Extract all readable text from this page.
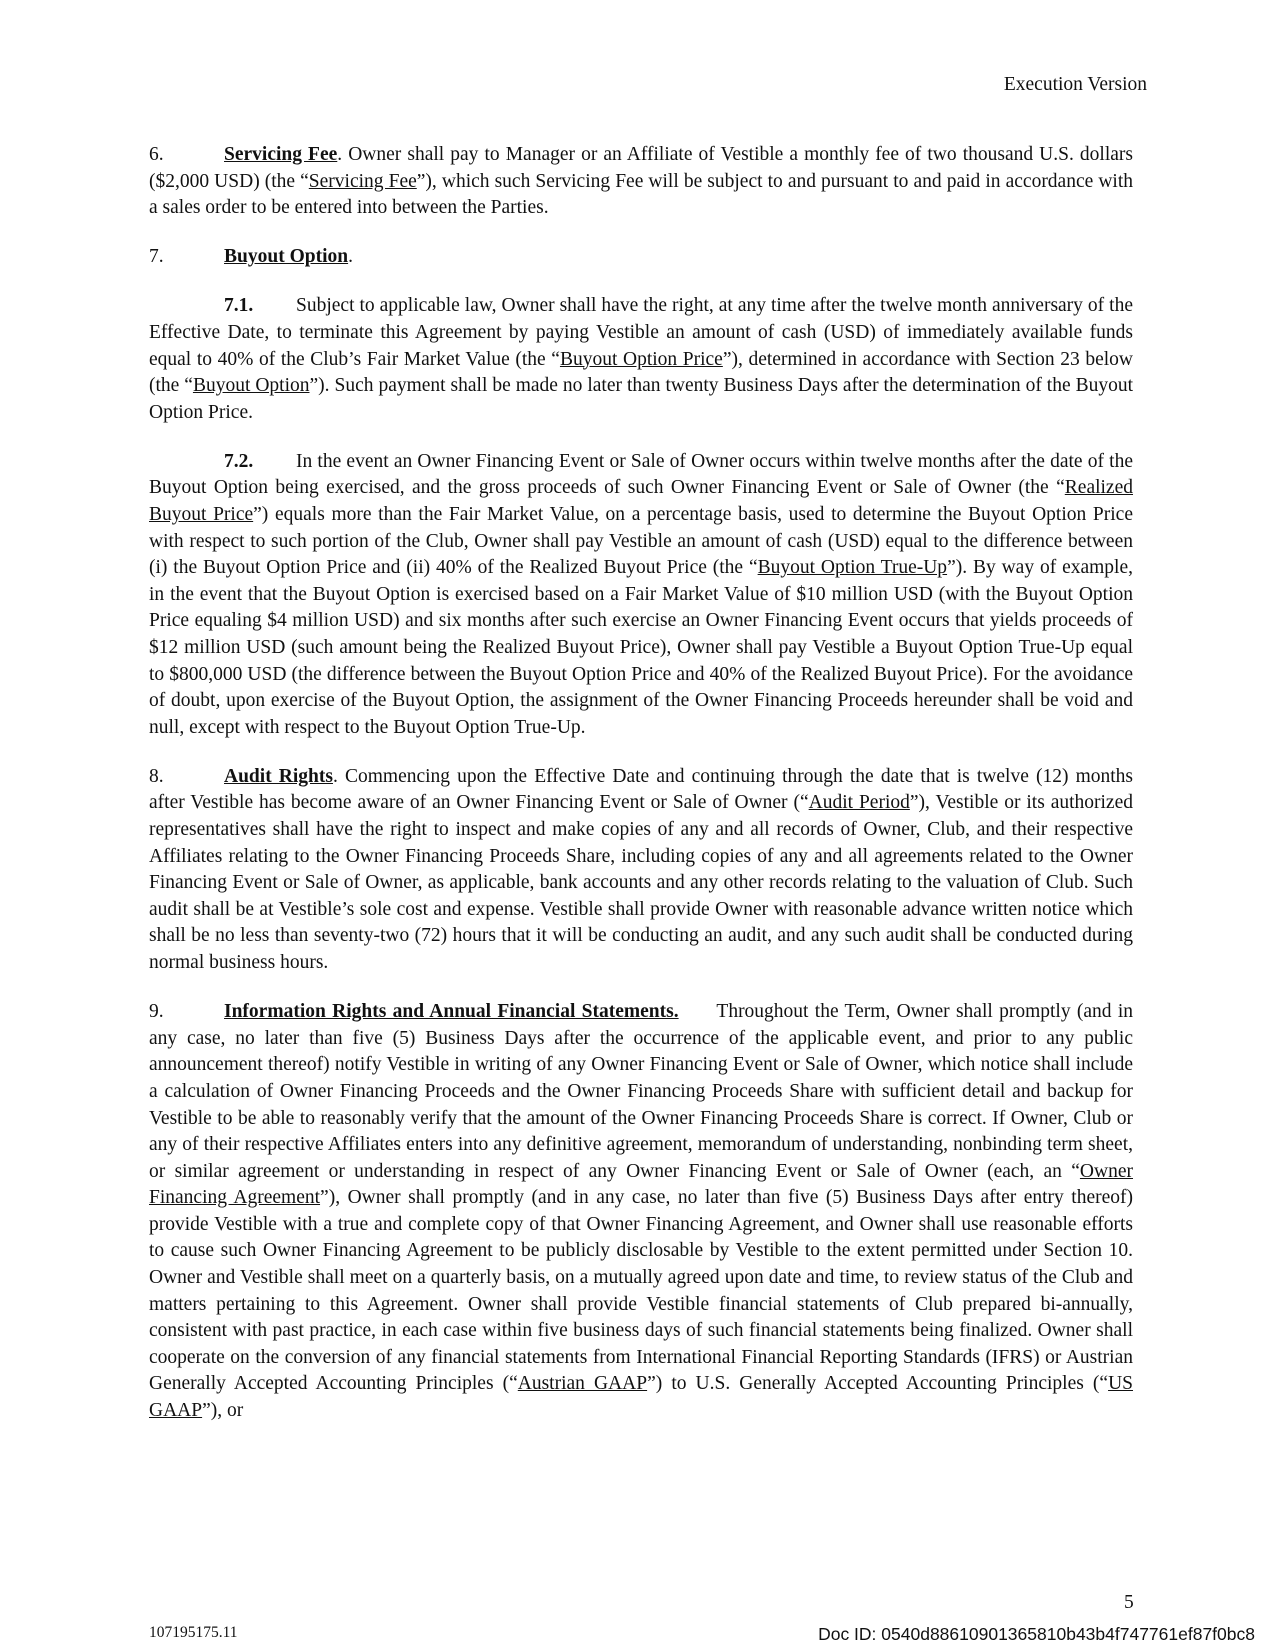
Execution Version

6.	Servicing Fee. Owner shall pay to Manager or an Affiliate of Vestible a monthly fee of two thousand U.S. dollars ($2,000 USD) (the “Servicing Fee”), which such Servicing Fee will be subject to and pursuant to and paid in accordance with a sales order to be entered into between the Parties.

7.	Buyout Option.

7.1. Subject to applicable law, Owner shall have the right, at any time after the twelve month anniversary of the Effective Date, to terminate this Agreement by paying Vestible an amount of cash (USD) of immediately available funds equal to 40% of the Club’s Fair Market Value (the “Buyout Option Price”), determined in accordance with Section 23 below (the “Buyout Option”). Such payment shall be made no later than twenty Business Days after the determination of the Buyout Option Price.

7.2. In the event an Owner Financing Event or Sale of Owner occurs within twelve months after the date of the Buyout Option being exercised, and the gross proceeds of such Owner Financing Event or Sale of Owner (the “Realized Buyout Price”) equals more than the Fair Market Value, on a percentage basis, used to determine the Buyout Option Price with respect to such portion of the Club, Owner shall pay Vestible an amount of cash (USD) equal to the difference between (i) the Buyout Option Price and (ii) 40% of the Realized Buyout Price (the “Buyout Option True-Up”). By way of example, in the event that the Buyout Option is exercised based on a Fair Market Value of $10 million USD (with the Buyout Option Price equaling $4 million USD) and six months after such exercise an Owner Financing Event occurs that yields proceeds of $12 million USD (such amount being the Realized Buyout Price), Owner shall pay Vestible a Buyout Option True-Up equal to $800,000 USD (the difference between the Buyout Option Price and 40% of the Realized Buyout Price). For the avoidance of doubt, upon exercise of the Buyout Option, the assignment of the Owner Financing Proceeds hereunder shall be void and null, except with respect to the Buyout Option True-Up.

8.	Audit Rights. Commencing upon the Effective Date and continuing through the date that is twelve (12) months after Vestible has become aware of an Owner Financing Event or Sale of Owner (“Audit Period”), Vestible or its authorized representatives shall have the right to inspect and make copies of any and all records of Owner, Club, and their respective Affiliates relating to the Owner Financing Proceeds Share, including copies of any and all agreements related to the Owner Financing Event or Sale of Owner, as applicable, bank accounts and any other records relating to the valuation of Club. Such audit shall be at Vestible’s sole cost and expense. Vestible shall provide Owner with reasonable advance written notice which shall be no less than seventy-two (72) hours that it will be conducting an audit, and any such audit shall be conducted during normal business hours.

9.	Information Rights and Annual Financial Statements. Throughout the Term, Owner shall promptly (and in any case, no later than five (5) Business Days after the occurrence of the applicable event, and prior to any public announcement thereof) notify Vestible in writing of any Owner Financing Event or Sale of Owner, which notice shall include a calculation of Owner Financing Proceeds and the Owner Financing Proceeds Share with sufficient detail and backup for Vestible to be able to reasonably verify that the amount of the Owner Financing Proceeds Share is correct. If Owner, Club or any of their respective Affiliates enters into any definitive agreement, memorandum of understanding, nonbinding term sheet, or similar agreement or understanding in respect of any Owner Financing Event or Sale of Owner (each, an “Owner Financing Agreement”), Owner shall promptly (and in any case, no later than five (5) Business Days after entry thereof) provide Vestible with a true and complete copy of that Owner Financing Agreement, and Owner shall use reasonable efforts to cause such Owner Financing Agreement to be publicly disclosable by Vestible to the extent permitted under Section 10. Owner and Vestible shall meet on a quarterly basis, on a mutually agreed upon date and time, to review status of the Club and matters pertaining to this Agreement. Owner shall provide Vestible financial statements of Club prepared bi-annually, consistent with past practice, in each case within five business days of such financial statements being finalized. Owner shall cooperate on the conversion of any financial statements from International Financial Reporting Standards (IFRS) or Austrian Generally Accepted Accounting Principles (“Austrian GAAP”) to U.S. Generally Accepted Accounting Principles (“US GAAP”), or

5
107195175.11	Doc ID: 0540d88610901365810b43b4f747761ef87f0bc8
